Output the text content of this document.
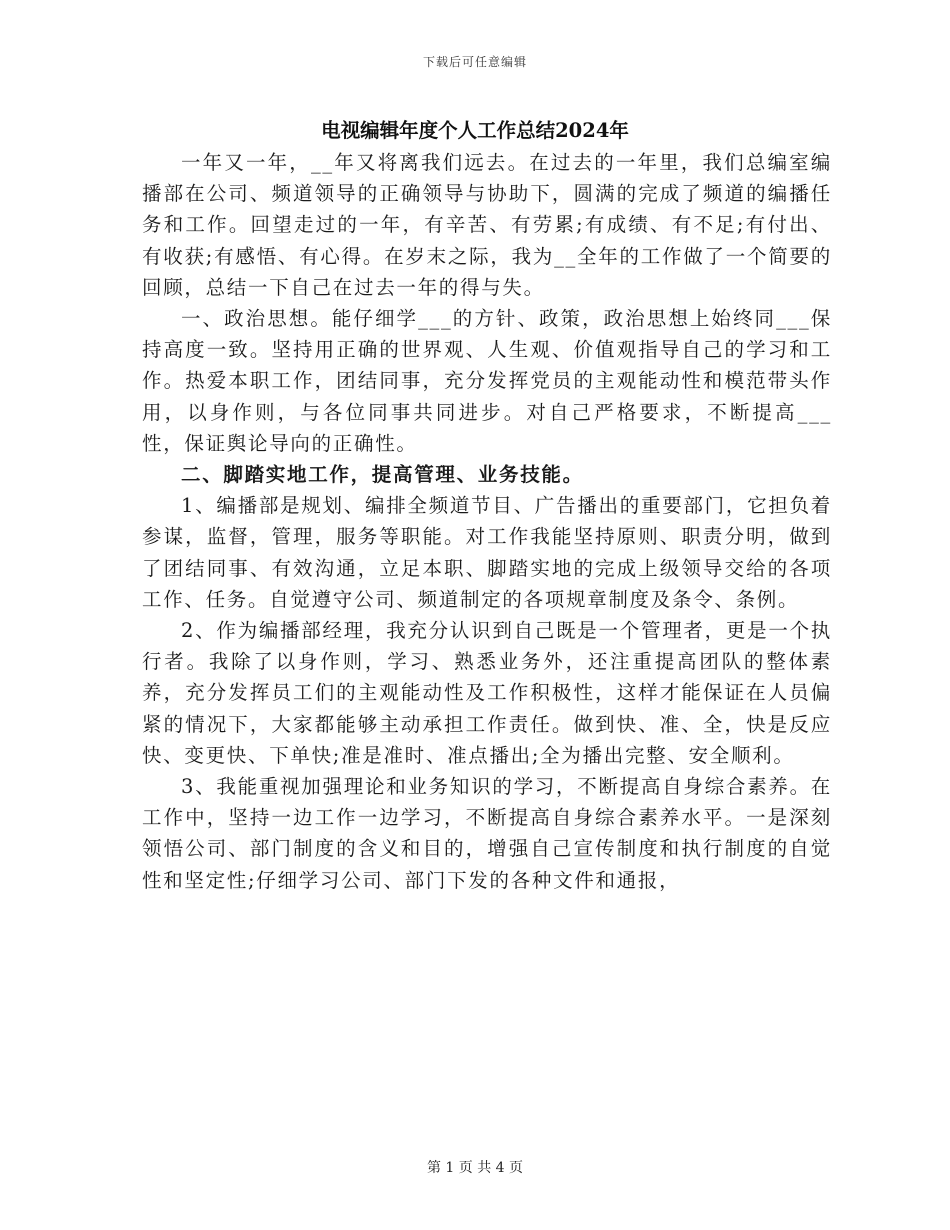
下载后可任意编辑
电视编辑年度个人工作总结2024年

一年又一年，__年又将离我们远去。在过去的一年里，我们总编室编播部在公司、频道领导的正确领导与协助下，圆满的完成了频道的编播任务和工作。回望走过的一年，有辛苦、有劳累;有成绩、有不足;有付出、有收获;有感悟、有心得。在岁末之际，我为__全年的工作做了一个简要的回顾，总结一下自己在过去一年的得与失。

一、政治思想。能仔细学___的方针、政策，政治思想上始终同___保持高度一致。坚持用正确的世界观、人生观、价值观指导自己的学习和工作。热爱本职工作，团结同事，充分发挥党员的主观能动性和模范带头作用，以身作则，与各位同事共同进步。对自己严格要求，不断提高___性，保证舆论导向的正确性。

二、脚踏实地工作，提高管理、业务技能。

1、编播部是规划、编排全频道节目、广告播出的重要部门，它担负着参谋，监督，管理，服务等职能。对工作我能坚持原则、职责分明，做到了团结同事、有效沟通，立足本职、脚踏实地的完成上级领导交给的各项工作、任务。自觉遵守公司、频道制定的各项规章制度及条令、条例。

2、作为编播部经理，我充分认识到自己既是一个管理者，更是一个执行者。我除了以身作则，学习、熟悉业务外，还注重提高团队的整体素养，充分发挥员工们的主观能动性及工作积极性，这样才能保证在人员偏紧的情况下，大家都能够主动承担工作责任。做到快、准、全，快是反应快、变更快、下单快;准是准时、准点播出;全为播出完整、安全顺利。

3、我能重视加强理论和业务知识的学习，不断提高自身综合素养。在工作中，坚持一边工作一边学习，不断提高自身综合素养水平。一是深刻领悟公司、部门制度的含义和目的，增强自己宣传制度和执行制度的自觉性和坚定性;仔细学习公司、部门下发的各种文件和通报，

第 1 页 共 4 页
